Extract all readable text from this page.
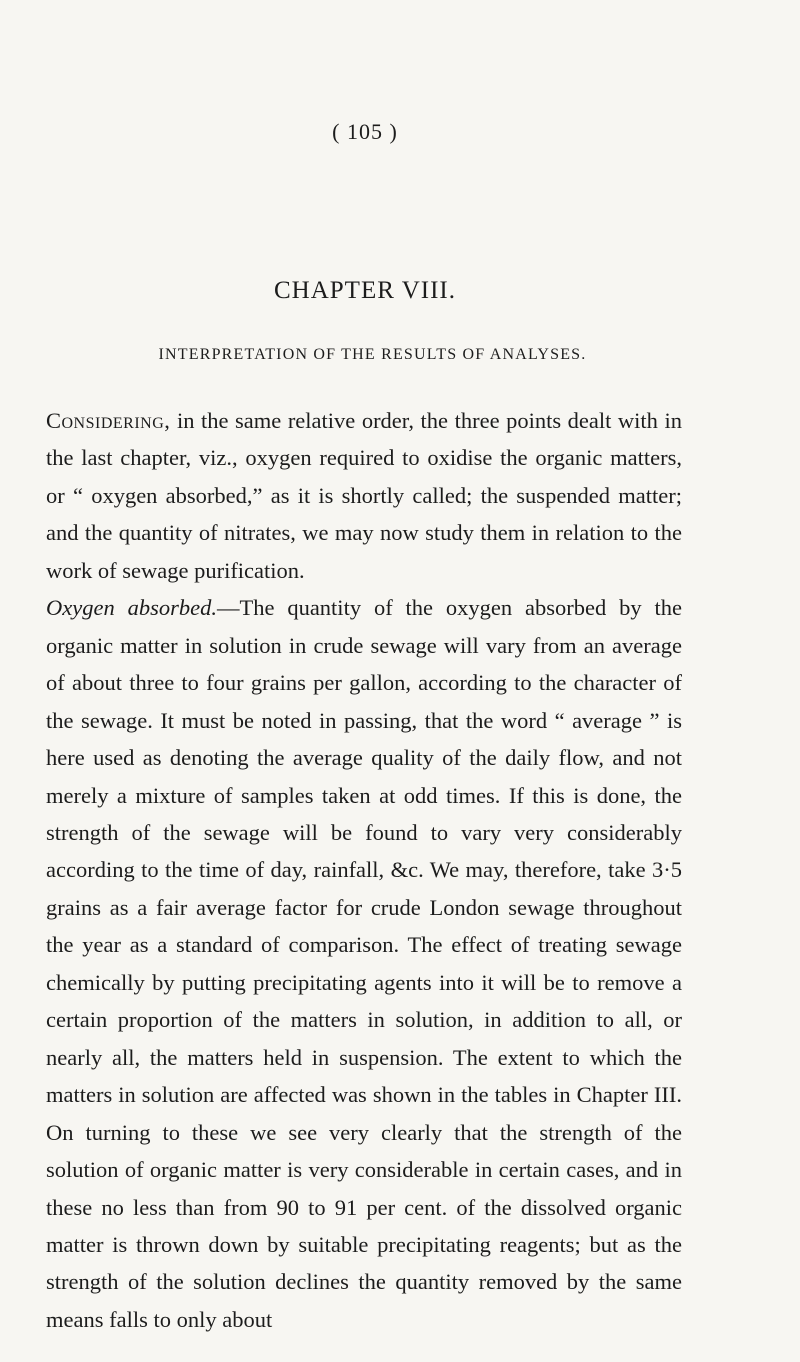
( 105 )
CHAPTER VIII.
INTERPRETATION OF THE RESULTS OF ANALYSES.

Considering, in the same relative order, the three points dealt with in the last chapter, viz., oxygen required to oxidise the organic matters, or “ oxygen absorbed,” as it is shortly called; the suspended matter; and the quantity of nitrates, we may now study them in relation to the work of sewage purification.

Oxygen absorbed.—The quantity of the oxygen absorbed by the organic matter in solution in crude sewage will vary from an average of about three to four grains per gallon, according to the character of the sewage. It must be noted in passing, that the word “ average ” is here used as denoting the average quality of the daily flow, and not merely a mixture of samples taken at odd times. If this is done, the strength of the sewage will be found to vary very considerably according to the time of day, rainfall, &c. We may, therefore, take 3·5 grains as a fair average factor for crude London sewage throughout the year as a standard of comparison. The effect of treating sewage chemically by putting precipitating agents into it will be to remove a certain proportion of the matters in solution, in addition to all, or nearly all, the matters held in suspension. The extent to which the matters in solution are affected was shown in the tables in Chapter III. On turning to these we see very clearly that the strength of the solution of organic matter is very considerable in certain cases, and in these no less than from 90 to 91 per cent. of the dissolved organic matter is thrown down by suitable precipitating reagents; but as the strength of the solution declines the quantity removed by the same means falls to only about
